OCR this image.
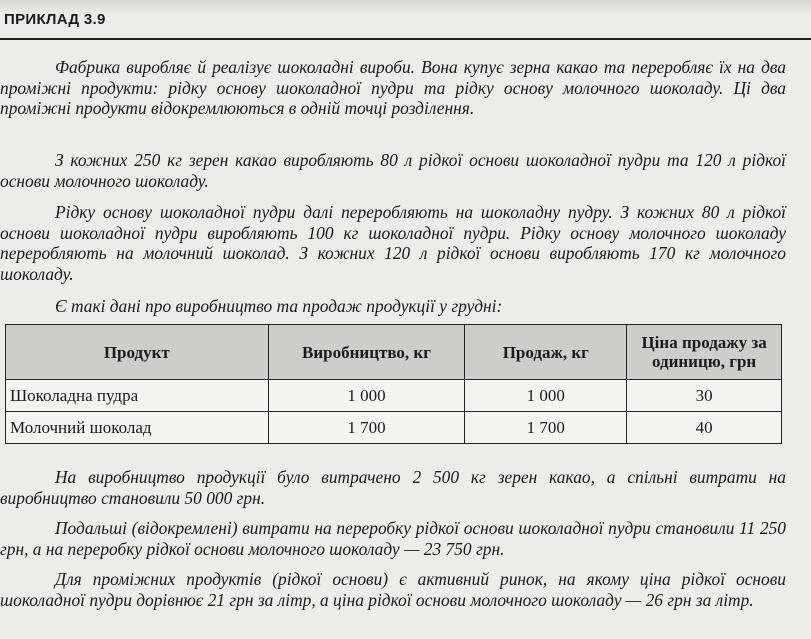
ПРИКЛАД 3.9

Фабрика виробляє й реалізує шоколадні вироби. Вона купує зерна какао та переробляє їх на два проміжні продукти: рідку основу шоколадної пудри та рідку основу молочного шоколаду. Ці два проміжні продукти відокремлюються в одній точці розділення.

З кожних 250 кг зерен какао виробляють 80 л рідкої основи шоколадної пудри та 120 л рідкої основи молочного шоколаду.

Рідку основу шоколадної пудри далі переробляють на шоколадну пудру. З кожних 80 л рідкої основи шоколадної пудри виробляють 100 кг шоколадної пудри. Рідку основу молочного шоколаду переробляють на молочний шоколад. З кожних 120 л рідкої основи виробляють 170 кг молочного шоколаду.

Є такі дані про виробництво та продаж продукції у грудні:

Продукт	Виробництво, кг	Продаж, кг	Ціна продажу за одиницю, грн
Шоколадна пудра	1 000	1 000	30
Молочний шоколад	1 700	1 700	40

На виробництво продукції було витрачено 2 500 кг зерен какао, а спільні витрати на виробництво становили 50 000 грн.

Подальші (відокремлені) витрати на переробку рідкої основи шоколадної пудри становили 11 250 грн, а на переробку рідкої основи молочного шоколаду — 23 750 грн.

Для проміжних продуктів (рідкої основи) є активний ринок, на якому ціна рідкої основи шоколадної пудри дорівнює 21 грн за літр, а ціна рідкої основи молочного шоколаду — 26 грн за літр.
